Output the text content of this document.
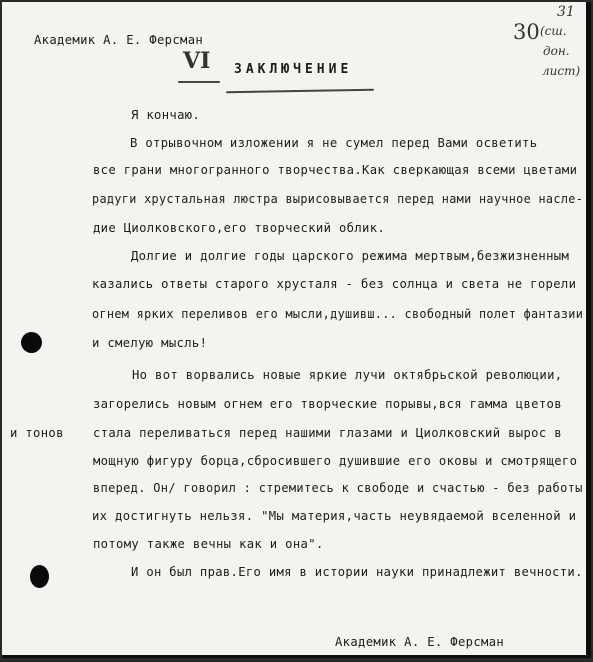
Академик А. Е. Ферсман
VI ЗАКЛЮЧЕНИЕ
31
30 (сш.
дон.
лист)
Я кончаю.
В отрывочном изложении я не сумел перед Вами осветить
все грани многогранного творчества.Как сверкающая всеми цветами
радуги хрустальная люстра вырисовывается перед нами научное насле-
дие Циолковского,его творческий облик.
Долгие и долгие годы царского режима мертвым,безжизненным
казались ответы старого хрусталя - без солнца и света не горели
огнем ярких переливов его мысли,душивш... свободный полет фантазии
и смелую мысль!
Но вот ворвались новые яркие лучи октябрьской революции,
загорелись новым огнем его творческие порывы,вся гамма цветов
и тонов стала переливаться перед нашими глазами и Циолковский вырос в
мощную фигуру борца,сбросившего душившие его оковы и смотрящего
вперед. Он/ говорил : стремитесь к свободе и счастью - без работы
их достигнуть нельзя. "Мы материя,часть неувядаемой вселенной и
потому также вечны как и она".
И он был прав.Его имя в истории науки принадлежит вечности.
Академик А. Е. Ферсман
